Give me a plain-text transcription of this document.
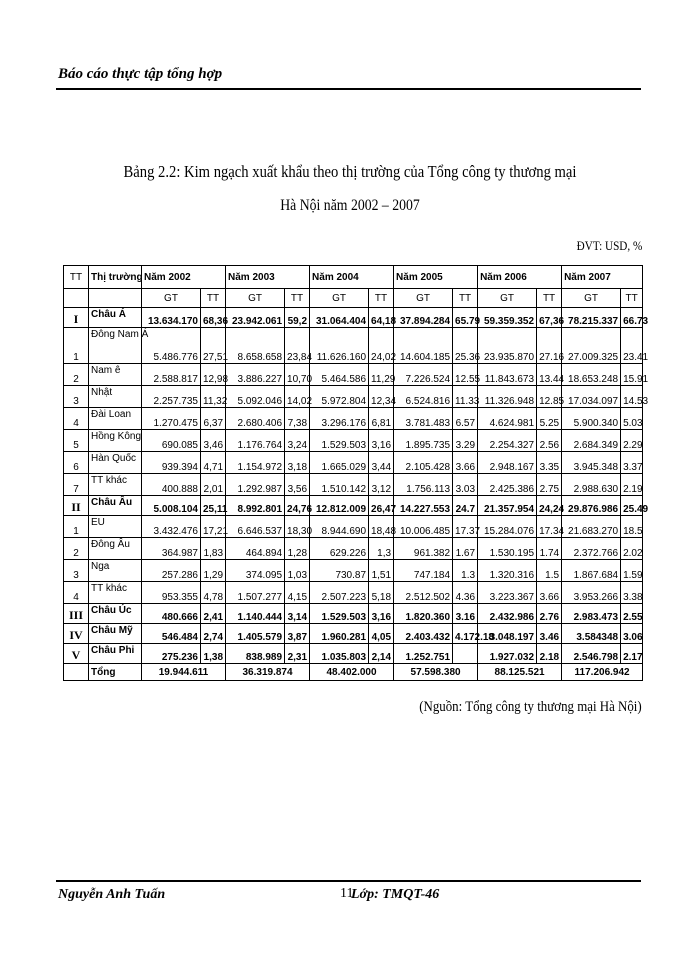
Báo cáo thực tập tổng hợp
Bảng 2.2: Kim ngạch xuất khẩu theo thị trường của Tổng công ty thương mại
Hà Nội năm 2002 – 2007
ĐVT: USD, %
TT	Thị trường	Năm 2002		Năm 2003		Năm 2004		Năm 2005		Năm 2006		Năm 2007	
		GT	TT	GT	TT	GT	TT	GT	TT	GT	TT	GT	TT
I	Châu Á	13.634.170	68,36	23.942.061	59,2	31.064.404	64,18	37.894.284	65.79	59.359.352	67,36	78.215.337	66.73
1	Đông Nam Á	5.486.776	27,51	8.658.658	23,84	11.626.160	24,02	14.604.185	25.36	23.935.870	27.16	27.009.325	23.41
2	Nam ê	2.588.817	12,98	3.886.227	10,70	5.464.586	11,29	7.226.524	12.55	11.843.673	13.44	18.653.248	15.91
3	Nhật	2.257.735	11,32	5.092.046	14,02	5.972.804	12,34	6.524.816	11.33	11.326.948	12.85	17.034.097	14.53
4	Đài Loan	1.270.475	6,37	2.680.406	7,38	3.296.176	6,81	3.781.483	6.57	4.624.981	5.25	5.900.340	5.03
5	Hồng Kông	690.085	3,46	1.176.764	3,24	1.529.503	3,16	1.895.735	3.29	2.254.327	2.56	2.684.349	2.29
6	Hàn Quốc	939.394	4,71	1.154.972	3,18	1.665.029	3,44	2.105.428	3.66	2.948.167	3.35	3.945.348	3.37
7	TT khác	400.888	2,01	1.292.987	3,56	1.510.142	3,12	1.756.113	3.03	2.425.386	2.75	2.988.630	2.19
II	Châu Âu	5.008.104	25,11	8.992.801	24,76	12.812.009	26,47	14.227.553	24.7	21.357.954	24,24	29.876.986	25.49
1	EU	3.432.476	17,21	6.646.537	18,30	8.944.690	18,48	10.006.485	17.37	15.284.076	17.34	21.683.270	18.5
2	Đông Âu	364.987	1,83	464.894	1,28	629.226	1,3	961.382	1.67	1.530.195	1.74	2.372.766	2.02
3	Nga	257.286	1,29	374.095	1,03	730.87	1,51	747.184	1.3	1.320.316	1.5	1.867.684	1.59
4	TT khác	953.355	4,78	1.507.277	4,15	2.507.223	5,18	2.512.502	4.36	3.223.367	3.66	3.953.266	3.38
III	Châu Úc	480.666	2,41	1.140.444	3,14	1.529.503	3,16	1.820.360	3.16	2.432.986	2.76	2.983.473	2.55
IV	Châu Mỹ	546.484	2,74	1.405.579	3,87	1.960.281	4,05	2.403.432	4.172.18	3.048.197	3.46	3.584348	3.06
V	Châu Phi	275.236	1,38	838.989	2,31	1.035.803	2,14	1.252.751		1.927.032	2.18	2.546.798	2.17
	Tổng	19.944.611		36.319.874		48.402.000		57.598.380		88.125.521		117.206.942	
(Nguồn: Tổng công ty thương mại Hà Nội)
Nguyễn Anh Tuấn	11
Lớp: TMQT-46
